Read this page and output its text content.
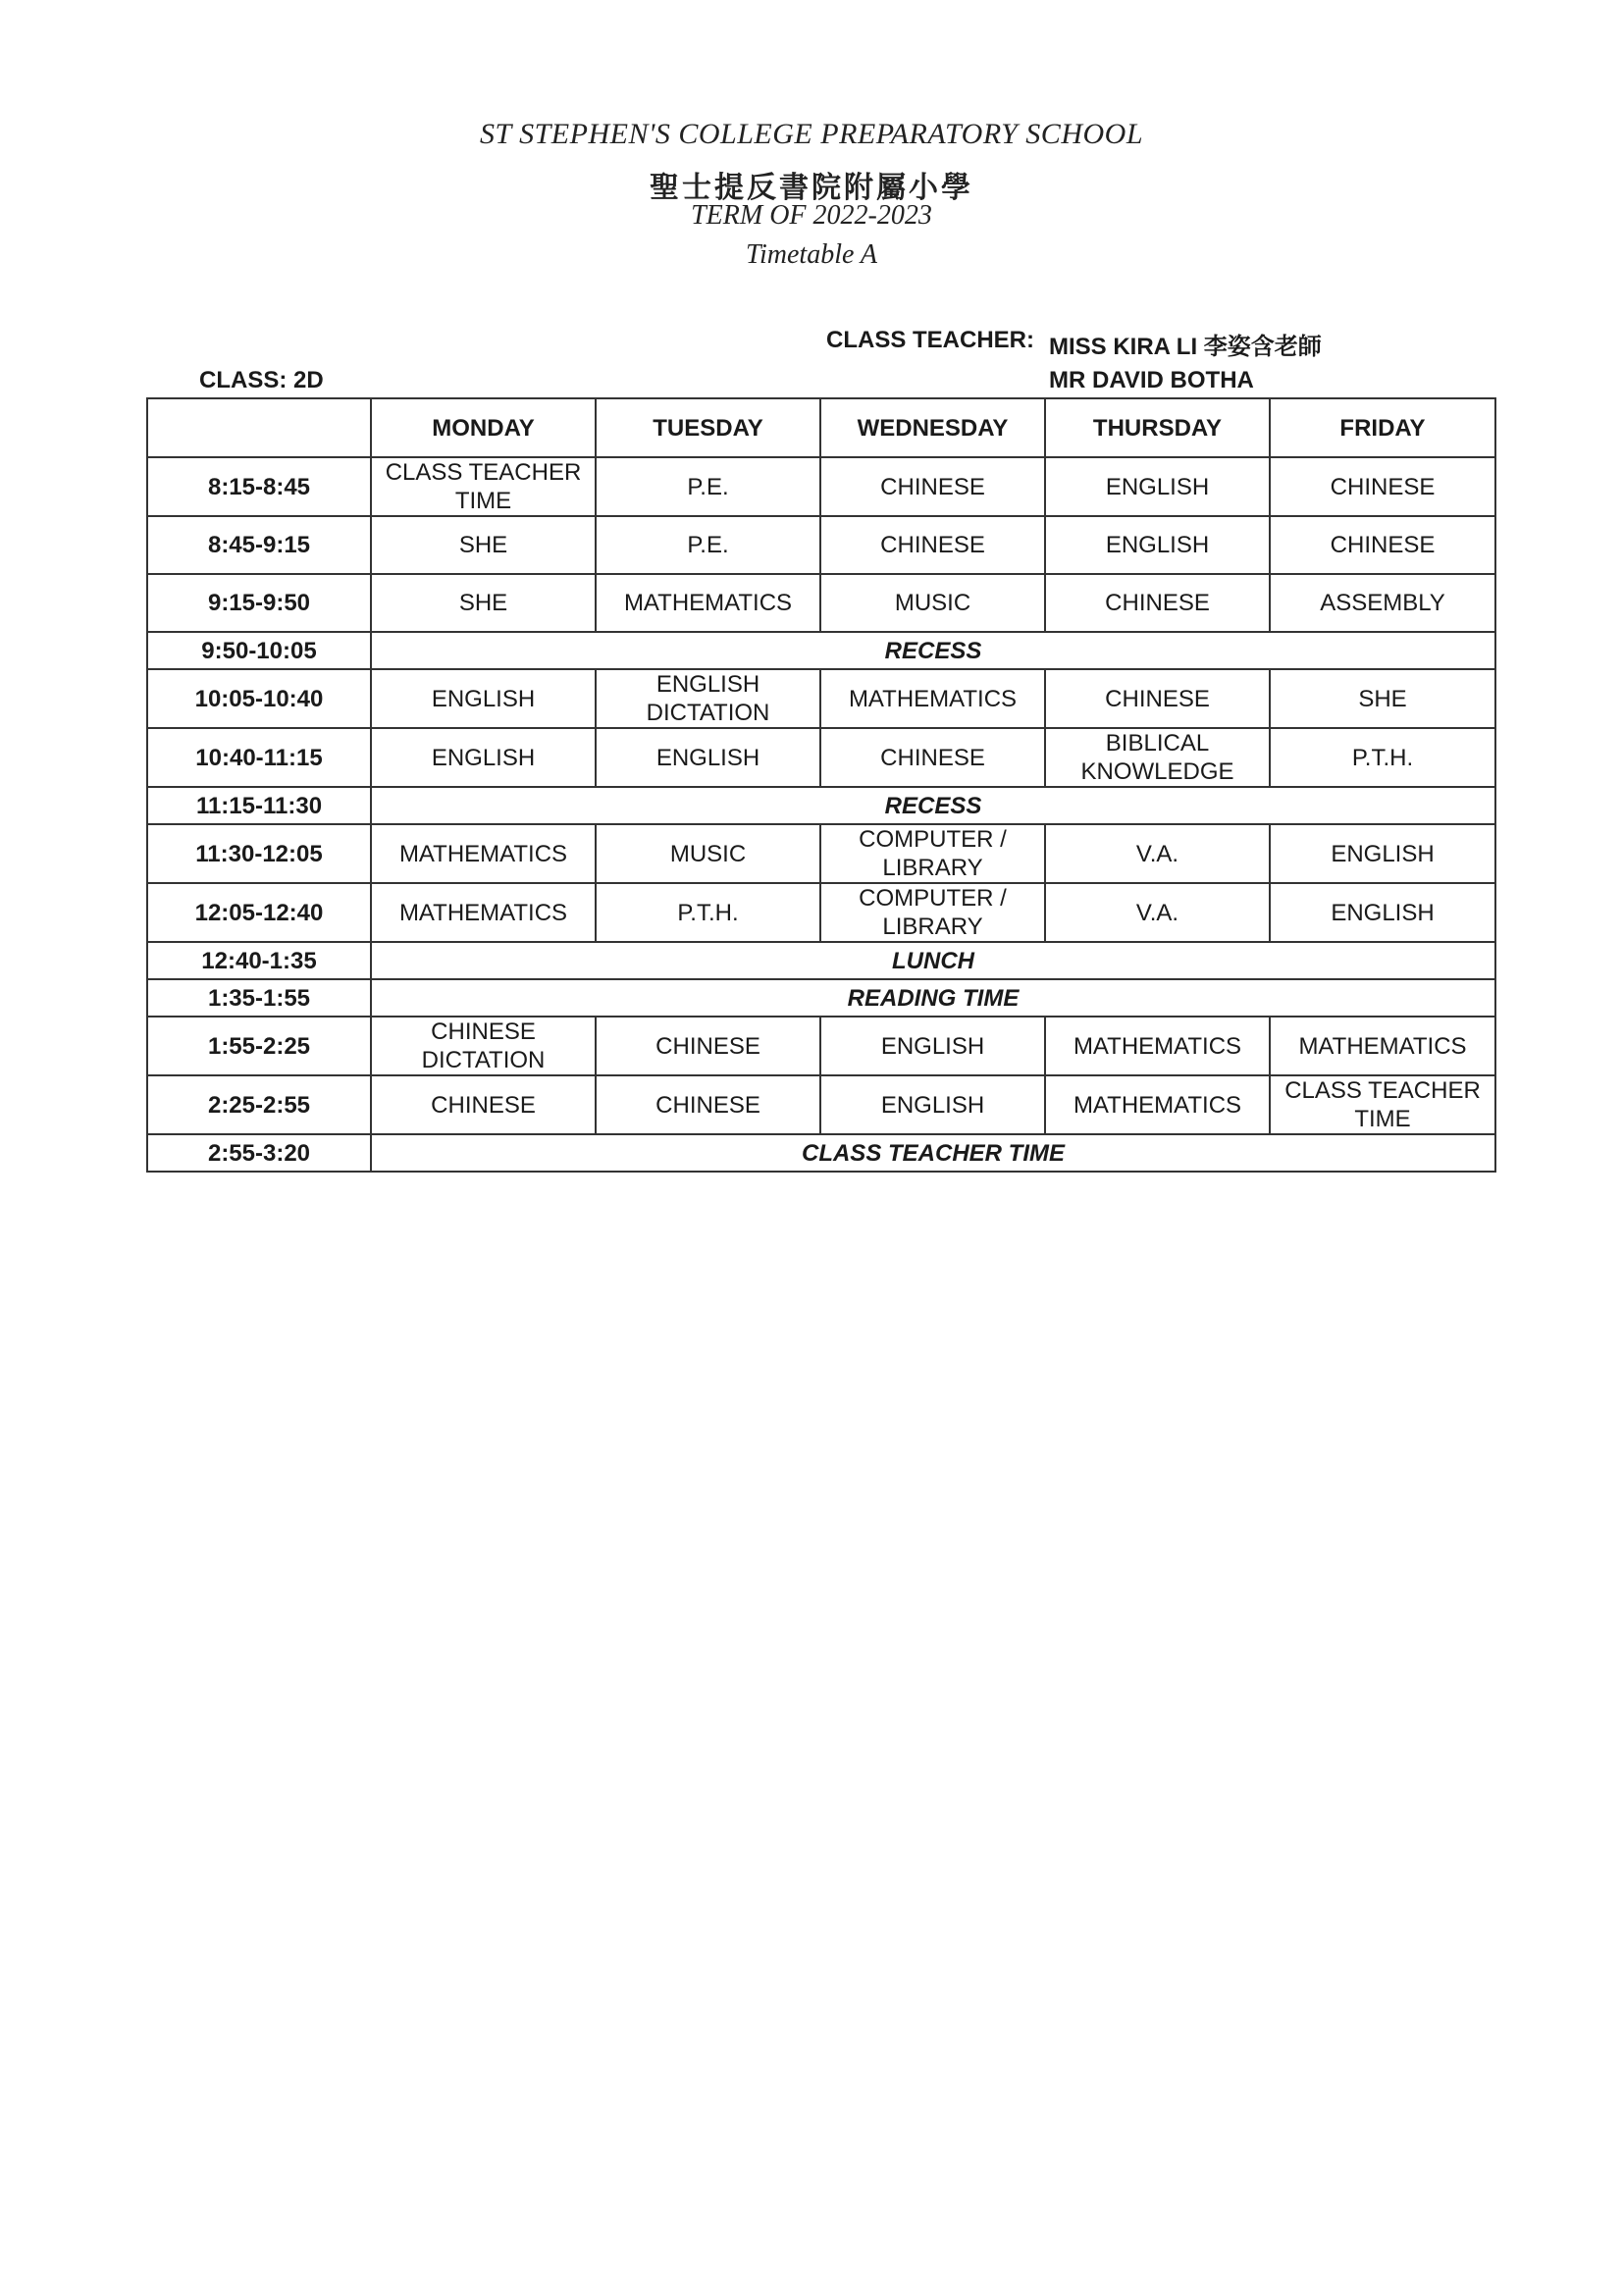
ST STEPHEN'S COLLEGE PREPARATORY SCHOOL
聖士提反書院附屬小學
TERM OF 2022-2023
Timetable A
CLASS TEACHER: MISS KIRA LI 李姿含老師
MR DAVID BOTHA
CLASS: 2D
	MONDAY	TUESDAY	WEDNESDAY	THURSDAY	FRIDAY
8:15-8:45	CLASS TEACHER TIME	P.E.	CHINESE	ENGLISH	CHINESE
8:45-9:15	SHE	P.E.	CHINESE	ENGLISH	CHINESE
9:15-9:50	SHE	MATHEMATICS	MUSIC	CHINESE	ASSEMBLY
9:50-10:05	RECESS				
10:05-10:40	ENGLISH	ENGLISH DICTATION	MATHEMATICS	CHINESE	SHE
10:40-11:15	ENGLISH	ENGLISH	CHINESE	BIBLICAL KNOWLEDGE	P.T.H.
11:15-11:30	RECESS				
11:30-12:05	MATHEMATICS	MUSIC	COMPUTER / LIBRARY	V.A.	ENGLISH
12:05-12:40	MATHEMATICS	P.T.H.	COMPUTER / LIBRARY	V.A.	ENGLISH
12:40-1:35	LUNCH				
1:35-1:55	READING TIME				
1:55-2:25	CHINESE DICTATION	CHINESE	ENGLISH	MATHEMATICS	MATHEMATICS
2:25-2:55	CHINESE	CHINESE	ENGLISH	MATHEMATICS	CLASS TEACHER TIME
2:55-3:20	CLASS TEACHER TIME				
